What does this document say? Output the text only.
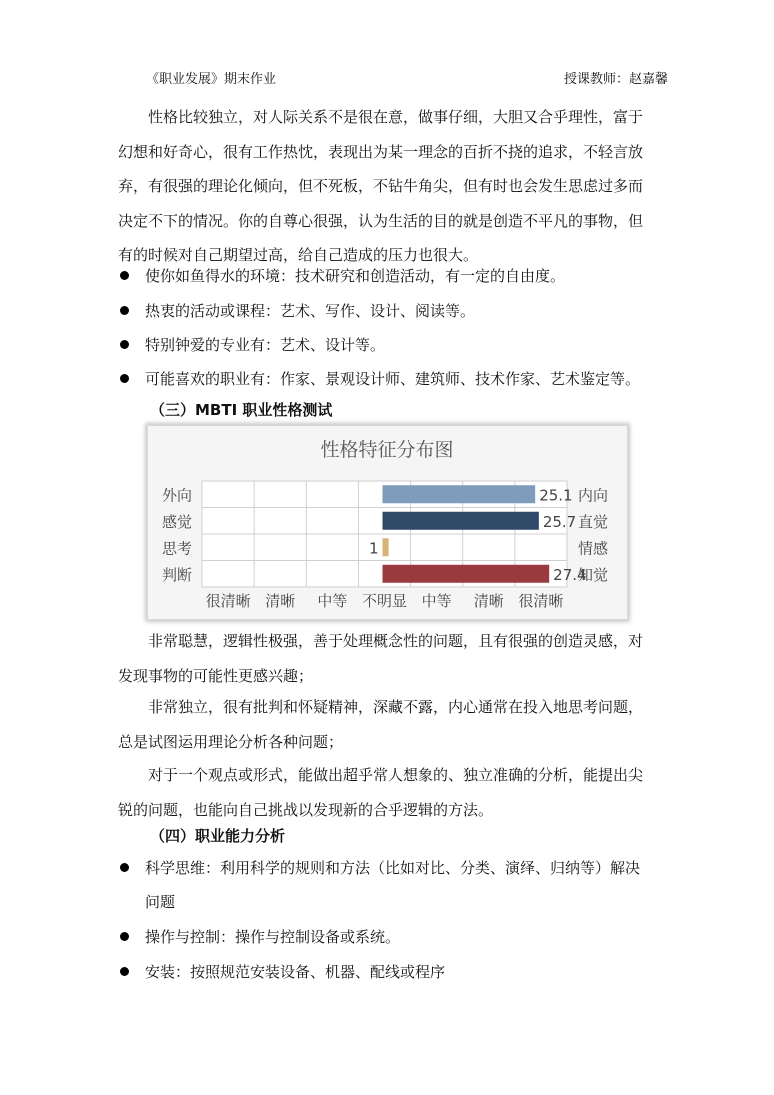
《职业发展》期末作业	授课教师：赵嘉馨
性格比较独立，对人际关系不是很在意，做事仔细，大胆又合乎理性，富于
幻想和好奇心，很有工作热忱，表现出为某一理念的百折不挠的追求，不轻言放
弃，有很强的理论化倾向，但不死板，不钻牛角尖，但有时也会发生思虑过多而
决定不下的情况。你的自尊心很强，认为生活的目的就是创造不平凡的事物，但
有的时候对自己期望过高，给自己造成的压力也很大。
使你如鱼得水的环境：技术研究和创造活动，有一定的自由度。
热衷的活动或课程：艺术、写作、设计、阅读等。
特别钟爱的专业有：艺术、设计等。
可能喜欢的职业有：作家、景观设计师、建筑师、技术作家、艺术鉴定等。
（三）MBTI 职业性格测试
性格特征分布图
25.1
外向	内向
25.7
感觉	直觉
1
思考	情感
27.4
判断	知觉
很清晰 清晰 中等 不明显 中等 清晰 很清晰
非常聪慧，逻辑性极强，善于处理概念性的问题，且有很强的创造灵感，对
发现事物的可能性更感兴趣；
非常独立，很有批判和怀疑精神，深藏不露，内心通常在投入地思考问题，
总是试图运用理论分析各种问题；
对于一个观点或形式，能做出超乎常人想象的、独立准确的分析，能提出尖
锐的问题，也能向自己挑战以发现新的合乎逻辑的方法。
（四）职业能力分析
科学思维：利用科学的规则和方法（比如对比、分类、演绎、归纳等）解决
问题
操作与控制：操作与控制设备或系统。
安装：按照规范安装设备、机器、配线或程序
